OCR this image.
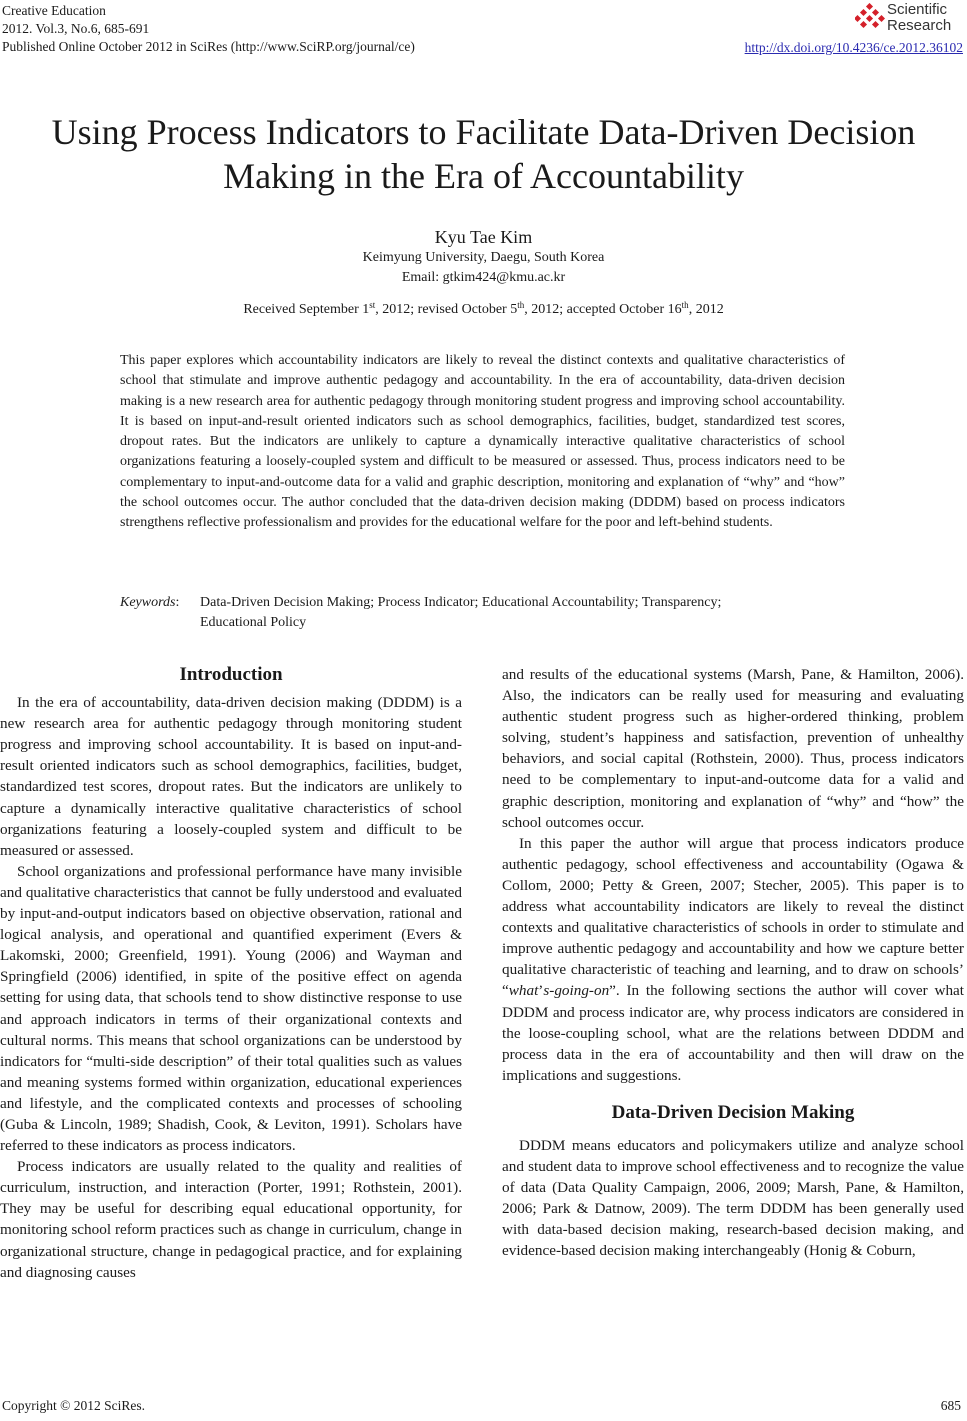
Creative Education
2012. Vol.3, No.6, 685-691
Published Online October 2012 in SciRes (http://www.SciRP.org/journal/ce)
Scientific
Research
http://dx.doi.org/10.4236/ce.2012.36102
Using Process Indicators to Facilitate Data-Driven Decision
Making in the Era of Accountability
Kyu Tae Kim
Keimyung University, Daegu, South Korea
Email: gtkim424@kmu.ac.kr
Received September 1st, 2012; revised October 5th, 2012; accepted October 16th, 2012
This paper explores which accountability indicators are likely to reveal the distinct contexts and qualitative characteristics of school that stimulate and improve authentic pedagogy and accountability. In the era of accountability, data-driven decision making is a new research area for authentic pedagogy through monitoring student progress and improving school accountability. It is based on input-and-result oriented indicators such as school demographics, facilities, budget, standardized test scores, dropout rates. But the indicators are unlikely to capture a dynamically interactive qualitative characteristics of school organizations featuring a loosely-coupled system and difficult to be measured or assessed. Thus, process indicators need to be complementary to input-and-outcome data for a valid and graphic description, monitoring and explanation of “why” and “how” the school outcomes occur. The author concluded that the data-driven decision making (DDDM) based on process indicators strengthens reflective professionalism and provides for the educational welfare for the poor and left-behind students.
Keywords: Data-Driven Decision Making; Process Indicator; Educational Accountability; Transparency;
Educational Policy
Introduction

In the era of accountability, data-driven decision making (DDDM) is a new research area for authentic pedagogy through monitoring student progress and improving school accountability. It is based on input-and-result oriented indicators such as school demographics, facilities, budget, standardized test scores, dropout rates. But the indicators are unlikely to capture a dynamically interactive qualitative characteristics of school organizations featuring a loosely-coupled system and difficult to be measured or assessed.

School organizations and professional performance have many invisible and qualitative characteristics that cannot be fully understood and evaluated by input-and-output indicators based on objective observation, rational and logical analysis, and operational and quantified experiment (Evers & Lakomski, 2000; Greenfield, 1991). Young (2006) and Wayman and Springfield (2006) identified, in spite of the positive effect on agenda setting for using data, that schools tend to show distinctive response to use and approach indicators in terms of their organizational contexts and cultural norms. This means that school organizations can be understood by indicators for “multi-side description” of their total qualities such as values and meaning systems formed within organization, educational experiences and lifestyle, and the complicated contexts and processes of schooling (Guba & Lincoln, 1989; Shadish, Cook, & Leviton, 1991). Scholars have referred to these indicators as process indicators.

Process indicators are usually related to the quality and realities of curriculum, instruction, and interaction (Porter, 1991; Rothstein, 2001). They may be useful for describing equal educational opportunity, for monitoring school reform practices such as change in curriculum, change in organizational structure, change in pedagogical practice, and for explaining and diagnosing causes

and results of the educational systems (Marsh, Pane, & Hamilton, 2006). Also, the indicators can be really used for measuring and evaluating authentic student progress such as higher-ordered thinking, problem solving, student’s happiness and satisfaction, prevention of unhealthy behaviors, and social capital (Rothstein, 2000). Thus, process indicators need to be complementary to input-and-outcome data for a valid and graphic description, monitoring and explanation of “why” and “how” the school outcomes occur.

In this paper the author will argue that process indicators produce authentic pedagogy, school effectiveness and accountability (Ogawa & Collom, 2000; Petty & Green, 2007; Stecher, 2005). This paper is to address what accountability indicators are likely to reveal the distinct contexts and qualitative characteristics of schools in order to stimulate and improve authentic pedagogy and accountability and how we capture better qualitative characteristic of teaching and learning, and to draw on schools’ “what’s-going-on”. In the following sections the author will cover what DDDM and process indicator are, why process indicators are considered in the loose-coupling school, what are the relations between DDDM and process data in the era of accountability and then will draw on the implications and suggestions.

Data-Driven Decision Making

DDDM means educators and policymakers utilize and analyze school and student data to improve school effectiveness and to recognize the value of data (Data Quality Campaign, 2006, 2009; Marsh, Pane, & Hamilton, 2006; Park & Datnow, 2009). The term DDDM has been generally used with data-based decision making, research-based decision making, and evidence-based decision making interchangeably (Honig & Coburn,

Copyright © 2012 SciRes.	685
